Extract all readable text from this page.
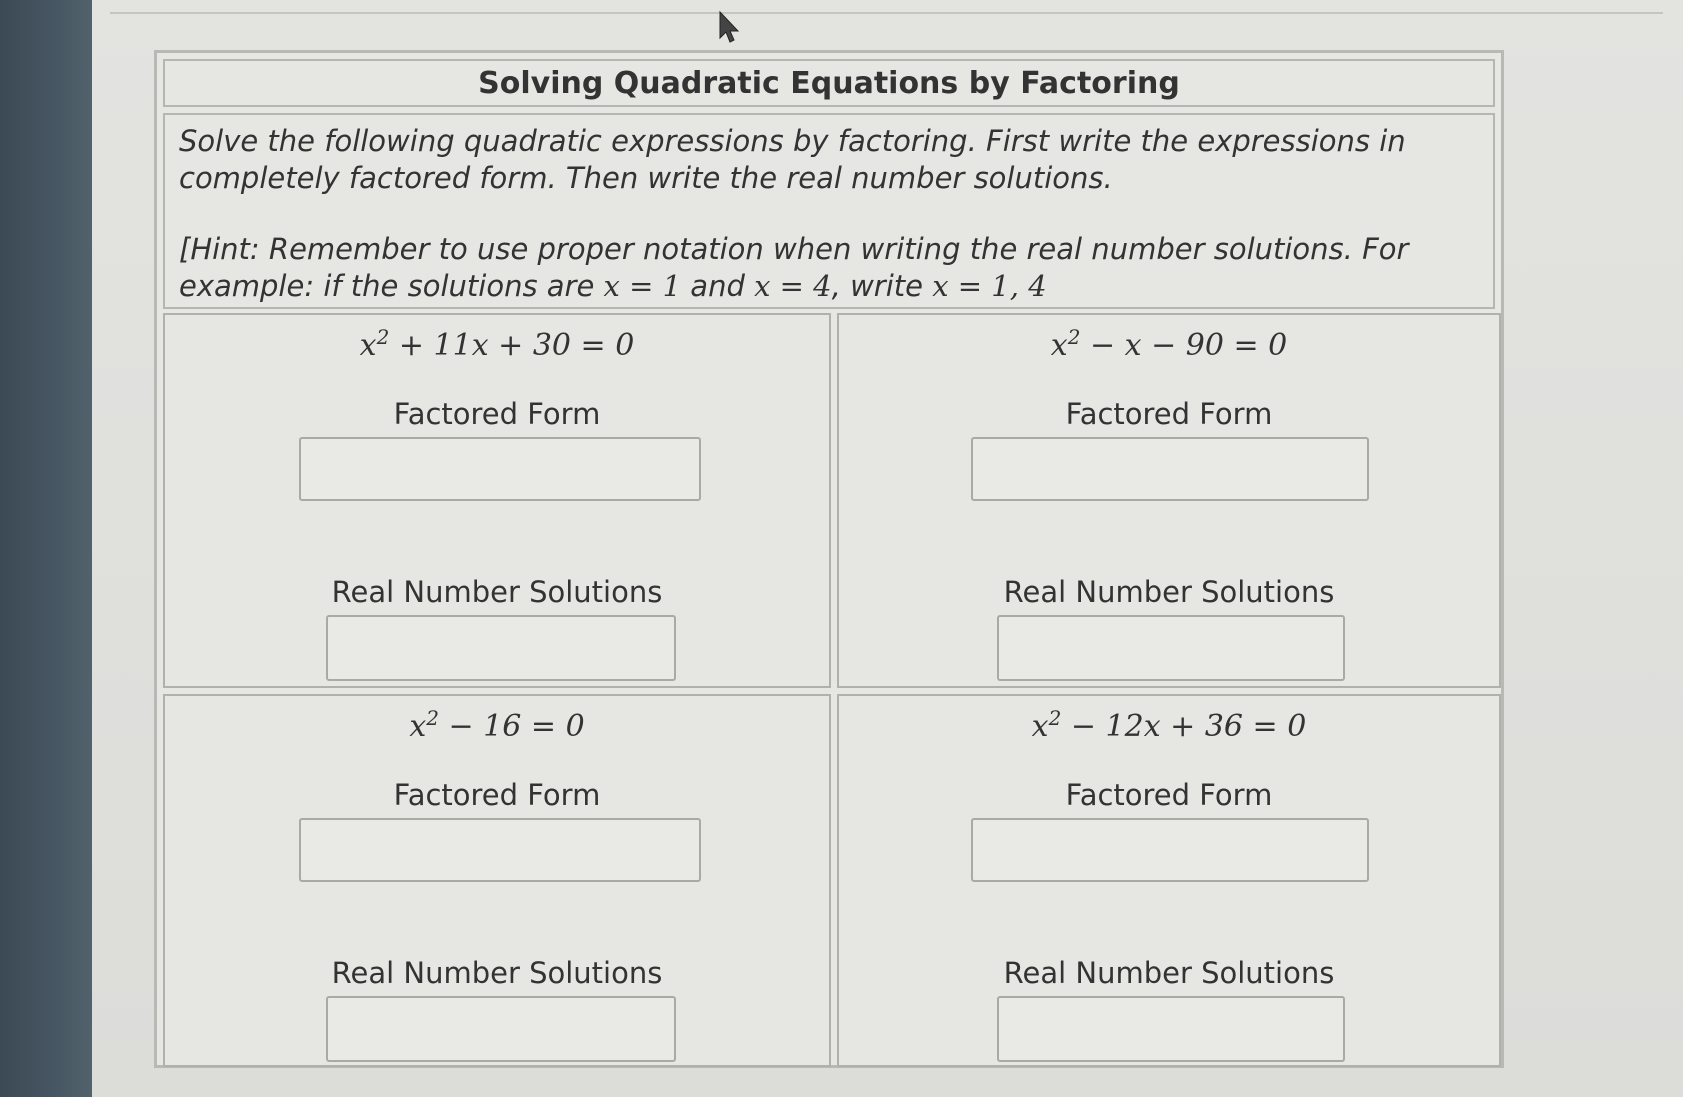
Solving Quadratic Equations by Factoring

Solve the following quadratic expressions by factoring. First write the expressions in completely factored form. Then write the real number solutions.

[Hint: Remember to use proper notation when writing the real number solutions. For example: if the solutions are x = 1 and x = 4, write x = 1, 4

$x^2 + 11x + 30 = 0$
Factored Form
Real Number Solutions
$x^2 - x - 90 = 0$
Factored Form
Real Number Solutions
$x^2 - 16 = 0$
Factored Form
Real Number Solutions
$x^2 - 12x + 36 = 0$
Factored Form
Real Number Solutions
